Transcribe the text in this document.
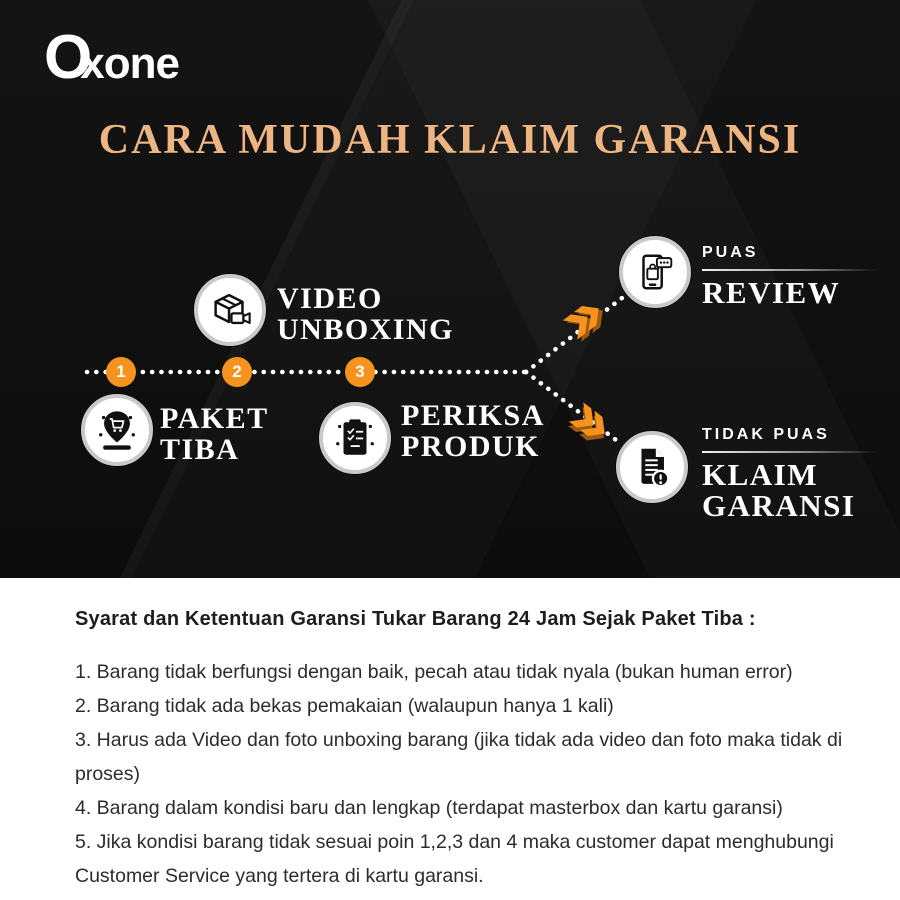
O
xone
CARA MUDAH KLAIM GARANSI
1	2	3
PAKET
TIBA
VIDEO
UNBOXING
PERIKSA
PRODUK
PUAS
REVIEW
TIDAK PUAS
KLAIM
GARANSI

Syarat dan Ketentuan Garansi Tukar Barang 24 Jam Sejak Paket Tiba :

1. Barang tidak berfungsi dengan baik, pecah atau tidak nyala (bukan human error)

2. Barang tidak ada bekas pemakaian (walaupun hanya 1 kali)

3. Harus ada Video dan foto unboxing barang (jika tidak ada video dan foto maka tidak di proses)

4. Barang dalam kondisi baru dan lengkap (terdapat masterbox dan kartu garansi)

5. Jika kondisi barang tidak sesuai poin 1,2,3 dan 4 maka customer dapat menghubungi Customer Service yang tertera di kartu garansi.
